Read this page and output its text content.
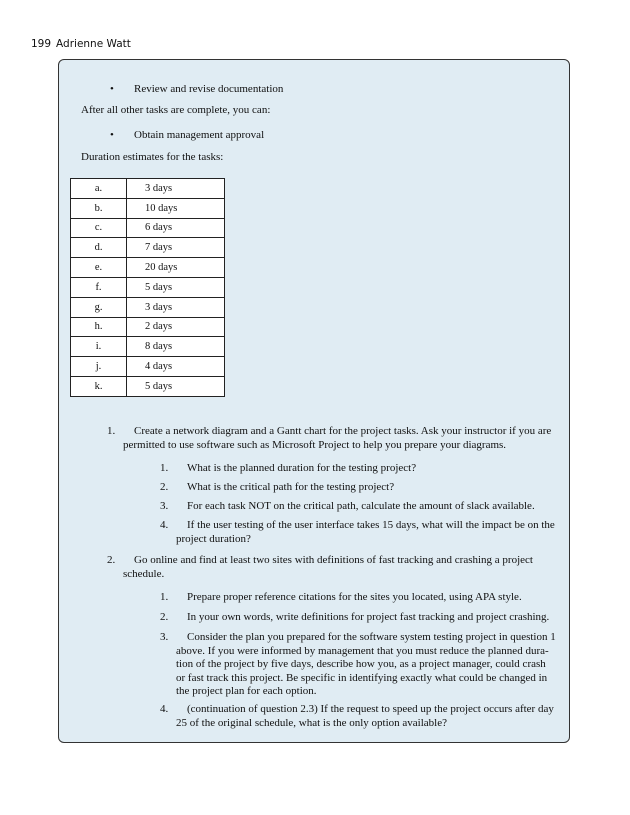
199 Adrienne Watt
• Review and revise documentation
After all other tasks are complete, you can:
• Obtain management approval
Duration estimates for the tasks:
a.	3 days
b.	10 days
c.	6 days
d.	7 days
e.	20 days
f.	5 days
g.	3 days
h.	2 days
i.	8 days
j.	4 days
k.	5 days
1. Create a network diagram and a Gantt chart for the project tasks. Ask your instructor if you are
permitted to use software such as Microsoft Project to help you prepare your diagrams.
1. What is the planned duration for the testing project?
2. What is the critical path for the testing project?
3. For each task NOT on the critical path, calculate the amount of slack available.
4. If the user testing of the user interface takes 15 days, what will the impact be on the
project duration?
2. Go online and find at least two sites with definitions of fast tracking and crashing a project
schedule.
1. Prepare proper reference citations for the sites you located, using APA style.
2. In your own words, write definitions for project fast tracking and project crashing.
3. Consider the plan you prepared for the software system testing project in question 1
above. If you were informed by management that you must reduce the planned dura-
tion of the project by five days, describe how you, as a project manager, could crash
or fast track this project. Be specific in identifying exactly what could be changed in
the project plan for each option.
4. (continuation of question 2.3) If the request to speed up the project occurs after day
25 of the original schedule, what is the only option available?
